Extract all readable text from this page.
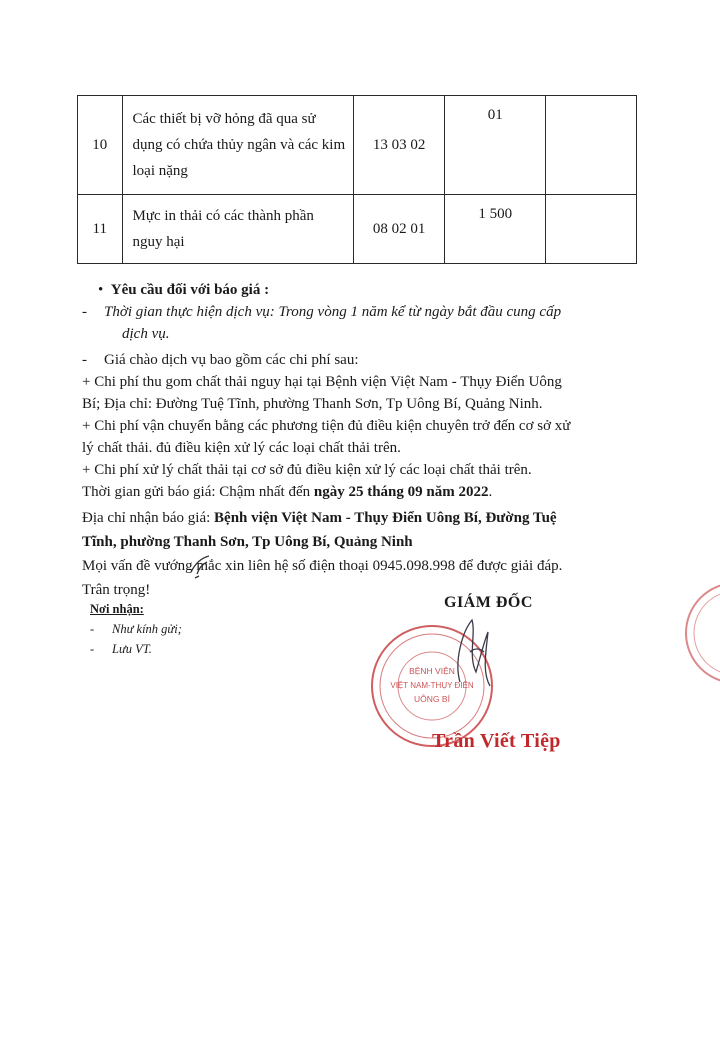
10	Các thiết bị vỡ hỏng đã qua sử dụng có chứa thủy ngân và các kim loại nặng	13 03 02	01	
11	Mực in thải có các thành phần nguy hại	08 02 01	1 500	
• Yêu cầu đối với báo giá :
- Thời gian thực hiện dịch vụ: Trong vòng 1 năm kể từ ngày bắt đầu cung cấp
dịch vụ.
- Giá chào dịch vụ bao gồm các chi phí sau:
+ Chi phí thu gom chất thải nguy hại tại Bệnh viện Việt Nam - Thụy Điển Uông
Bí; Địa chỉ: Đường Tuệ Tĩnh, phường Thanh Sơn, Tp Uông Bí, Quảng Ninh.
+ Chi phí vận chuyển bằng các phương tiện đủ điều kiện chuyên trở đến cơ sở xử
lý chất thải. đủ điều kiện xử lý các loại chất thải trên.
+ Chi phí xử lý chất thải tại cơ sở đủ điều kiện xử lý các loại chất thải trên.
Thời gian gửi báo giá: Chậm nhất đến ngày 25 tháng 09 năm 2022.
Địa chỉ nhận báo giá: Bệnh viện Việt Nam - Thụy Điển Uông Bí, Đường Tuệ
Tĩnh, phường Thanh Sơn, Tp Uông Bí, Quảng Ninh
Mọi vấn đề vướng mắc xin liên hệ số điện thoại 0945.098.998 để được giải đáp.
Trân trọng!
Nơi nhận:
- Như kính gửi;
- Lưu VT.
GIÁM ĐỐC
BỆNH VIỆN
VIỆT NAM-THỤY ĐIỂN
UÔNG BÍ
Trần Viết Tiệp
